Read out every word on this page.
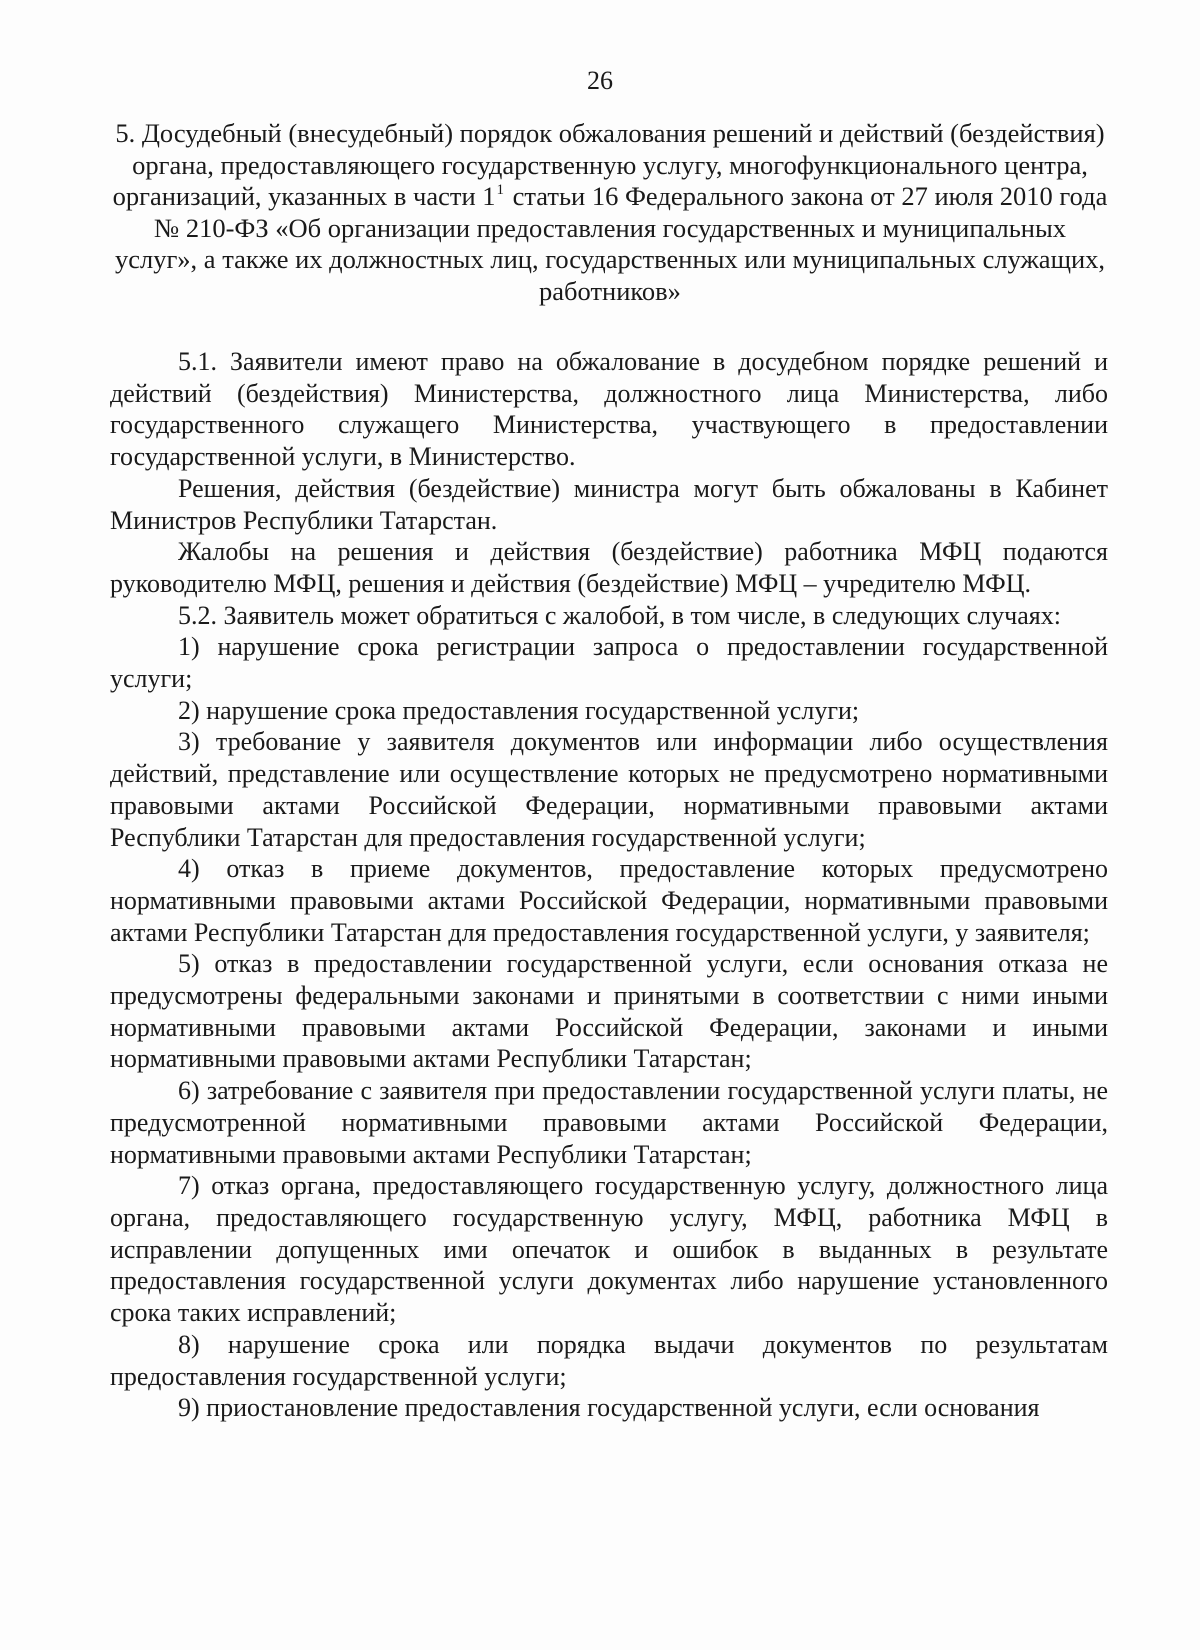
26
5. Досудебный (внесудебный) порядок обжалования решений и действий (бездействия) органа, предоставляющего государственную услугу, многофункционального центра, организаций, указанных в части $1^1$ статьи 16 Федерального закона от 27 июля 2010 года № 210-ФЗ «Об организации предоставления государственных и муниципальных услуг», а также их должностных лиц, государственных или муниципальных служащих, работников»

5.1. Заявители имеют право на обжалование в досудебном порядке решений и действий (бездействия) Министерства, должностного лица Министерства, либо государственного служащего Министерства, участвующего в предоставлении государственной услуги, в Министерство.

Решения, действия (бездействие) министра могут быть обжалованы в Кабинет Министров Республики Татарстан.

Жалобы на решения и действия (бездействие) работника МФЦ подаются руководителю МФЦ, решения и действия (бездействие) МФЦ – учредителю МФЦ.

5.2. Заявитель может обратиться с жалобой, в том числе, в следующих случаях:

1) нарушение срока регистрации запроса о предоставлении государственной услуги;

2) нарушение срока предоставления государственной услуги;

3) требование у заявителя документов или информации либо осуществления действий, представление или осуществление которых не предусмотрено нормативными правовыми актами Российской Федерации, нормативными правовыми актами Республики Татарстан для предоставления государственной услуги;

4) отказ в приеме документов, предоставление которых предусмотрено нормативными правовыми актами Российской Федерации, нормативными правовыми актами Республики Татарстан для предоставления государственной услуги, у заявителя;

5) отказ в предоставлении государственной услуги, если основания отказа не предусмотрены федеральными законами и принятыми в соответствии с ними иными нормативными правовыми актами Российской Федерации, законами и иными нормативными правовыми актами Республики Татарстан;

6) затребование с заявителя при предоставлении государственной услуги платы, не предусмотренной нормативными правовыми актами Российской Федерации, нормативными правовыми актами Республики Татарстан;

7) отказ органа, предоставляющего государственную услугу, должностного лица органа, предоставляющего государственную услугу, МФЦ, работника МФЦ в исправлении допущенных ими опечаток и ошибок в выданных в результате предоставления государственной услуги документах либо нарушение установленного срока таких исправлений;

8) нарушение срока или порядка выдачи документов по результатам предоставления государственной услуги;

9) приостановление предоставления государственной услуги, если основания
